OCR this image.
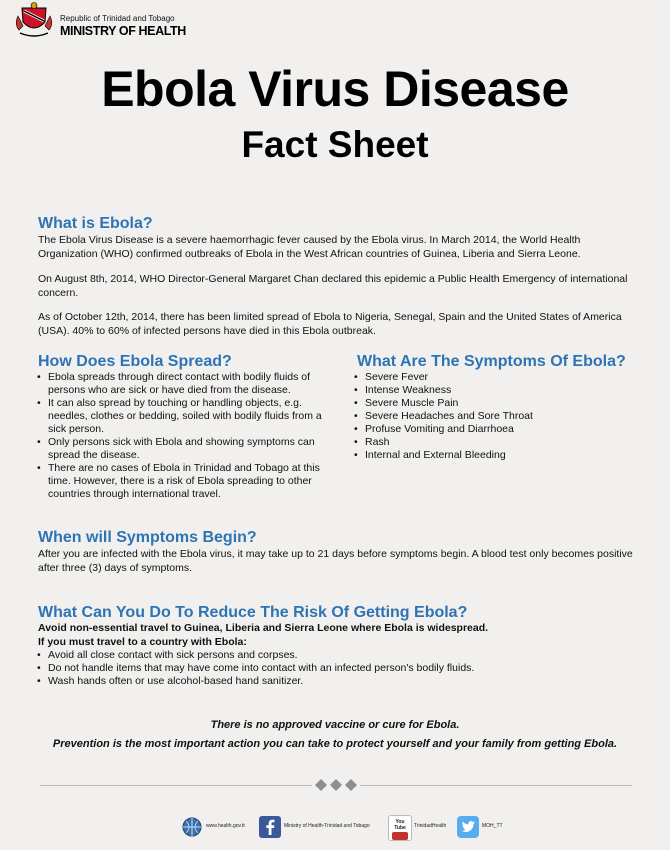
Republic of Trinidad and Tobago
MINISTRY OF HEALTH
Ebola Virus Disease
Fact Sheet
What is Ebola?
The Ebola Virus Disease is a severe haemorrhagic fever caused by the Ebola virus. In March 2014, the World Health Organization (WHO) confirmed outbreaks of Ebola in the West African countries of Guinea, Liberia and Sierra Leone.
On August 8th, 2014, WHO Director-General Margaret Chan declared this epidemic a Public Health Emergency of international concern.
As of October 12th, 2014, there has been limited spread of Ebola to Nigeria, Senegal, Spain and the United States of America (USA). 40% to 60% of infected persons have died in this Ebola outbreak.
How Does Ebola Spread?
• Ebola spreads through direct contact with bodily fluids of persons who are sick or have died from the disease.
• It can also spread by touching or handling objects, e.g. needles, clothes or bedding, soiled with bodily fluids from a sick person.
• Only persons sick with Ebola and showing symptoms can spread the disease.
• There are no cases of Ebola in Trinidad and Tobago at this time. However, there is a risk of Ebola spreading to other countries through international travel.
What Are The Symptoms Of Ebola?
• Severe Fever
• Intense Weakness
• Severe Muscle Pain
• Severe Headaches and Sore Throat
• Profuse Vomiting and Diarrhoea
• Rash
• Internal and External Bleeding
When will Symptoms Begin?
After you are infected with the Ebola virus, it may take up to 21 days before symptoms begin. A blood test only becomes positive after three (3) days of symptoms.
What Can You Do To Reduce The Risk Of Getting Ebola?
Avoid non-essential travel to Guinea, Liberia and Sierra Leone where Ebola is widespread.
If you must travel to a country with Ebola:
• Avoid all close contact with sick persons and corpses.
• Do not handle items that may have come into contact with an infected person's bodily fluids.
• Wash hands often or use alcohol-based hand sanitizer.
There is no approved vaccine or cure for Ebola.
Prevention is the most important action you can take to protect yourself and your family from getting Ebola.
www.health.gov.tt	Ministry of Health-Trinidad and Tobago
You Tube	TrinidadHealth	MOH_TT
